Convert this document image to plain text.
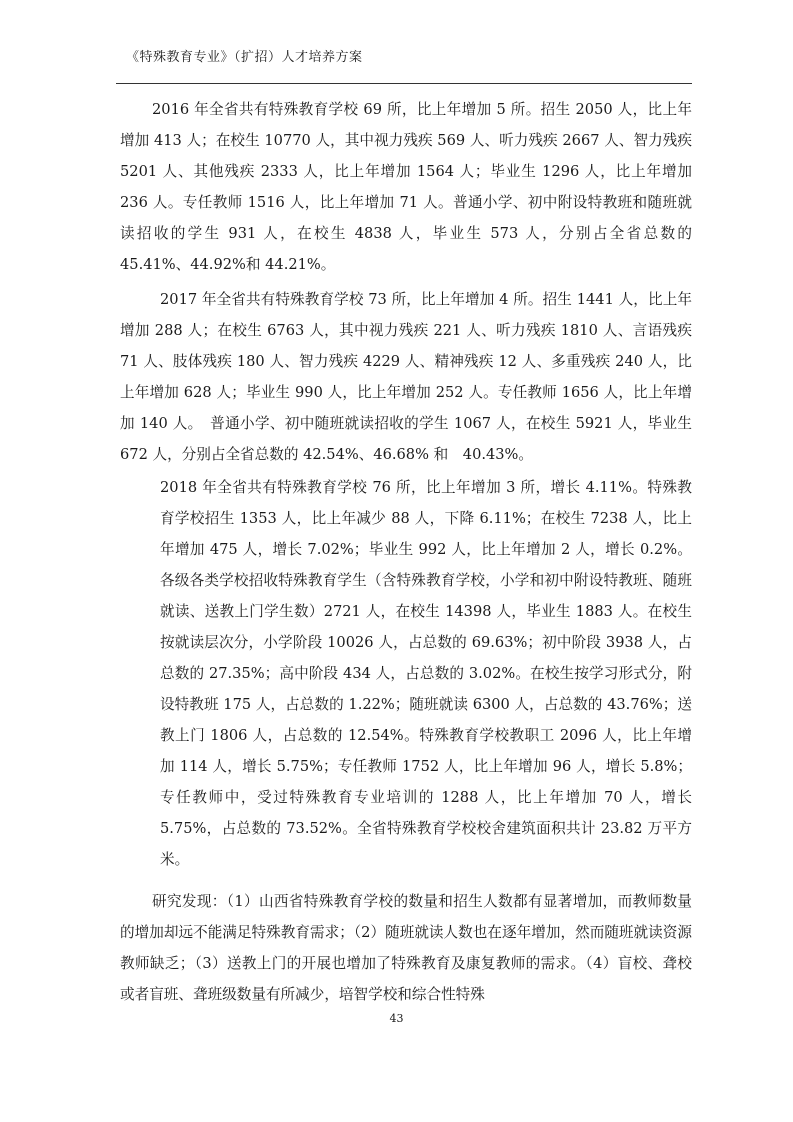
《特殊教育专业》（扩招）人才培养方案

2016 年全省共有特殊教育学校 69 所，比上年增加 5 所。招生 2050 人，比上年增加 413 人；在校生 10770 人，其中视力残疾 569 人、听力残疾 2667 人、智力残疾 5201 人、其他残疾 2333 人，比上年增加 1564 人；毕业生 1296 人，比上年增加 236 人。专任教师 1516 人，比上年增加 71 人。普通小学、初中附设特教班和随班就读招收的学生 931 人，在校生 4838 人，毕业生 573 人，分别占全省总数的 45.41%、44.92%和 44.21%。

2017 年全省共有特殊教育学校 73 所，比上年增加 4 所。招生 1441 人，比上年增加 288 人；在校生 6763 人，其中视力残疾 221 人、听力残疾 1810 人、言语残疾 71 人、肢体残疾 180 人、智力残疾 4229 人、精神残疾 12 人、多重残疾 240 人，比上年增加 628 人；毕业生 990 人，比上年增加 252 人。专任教师 1656 人，比上年增加 140 人。　普通小学、初中随班就读招收的学生 1067 人，在校生 5921 人，毕业生 672 人，分别占全省总数的 42.54%、46.68% 和　40.43%。

2018 年全省共有特殊教育学校 76 所，比上年增加 3 所，增长 4.11%。特殊教育学校招生 1353 人，比上年减少 88 人，下降 6.11%；在校生 7238 人，比上年增加 475 人，增长 7.02%；毕业生 992 人，比上年增加 2 人，增长 0.2%。各级各类学校招收特殊教育学生（含特殊教育学校，小学和初中附设特教班、随班就读、送教上门学生数）2721 人，在校生 14398 人，毕业生 1883 人。在校生按就读层次分，小学阶段 10026 人，占总数的 69.63%；初中阶段 3938 人，占总数的 27.35%；高中阶段 434 人，占总数的 3.02%。在校生按学习形式分，附设特教班 175 人，占总数的 1.22%；随班就读 6300 人，占总数的 43.76%；送教上门 1806 人，占总数的 12.54%。特殊教育学校教职工 2096 人，比上年增加 114 人，增长 5.75%；专任教师 1752 人，比上年增加 96 人，增长 5.8%；专任教师中，受过特殊教育专业培训的 1288 人，比上年增加 70 人，增长 5.75%，占总数的 73.52%。全省特殊教育学校校舍建筑面积共计 23.82 万平方米。

研究发现：（1）山西省特殊教育学校的数量和招生人数都有显著增加，而教师数量的增加却远不能满足特殊教育需求；（2）随班就读人数也在逐年增加，然而随班就读资源教师缺乏；（3）送教上门的开展也增加了特殊教育及康复教师的需求。（4）盲校、聋校或者盲班、聋班级数量有所减少，培智学校和综合性特殊

43
